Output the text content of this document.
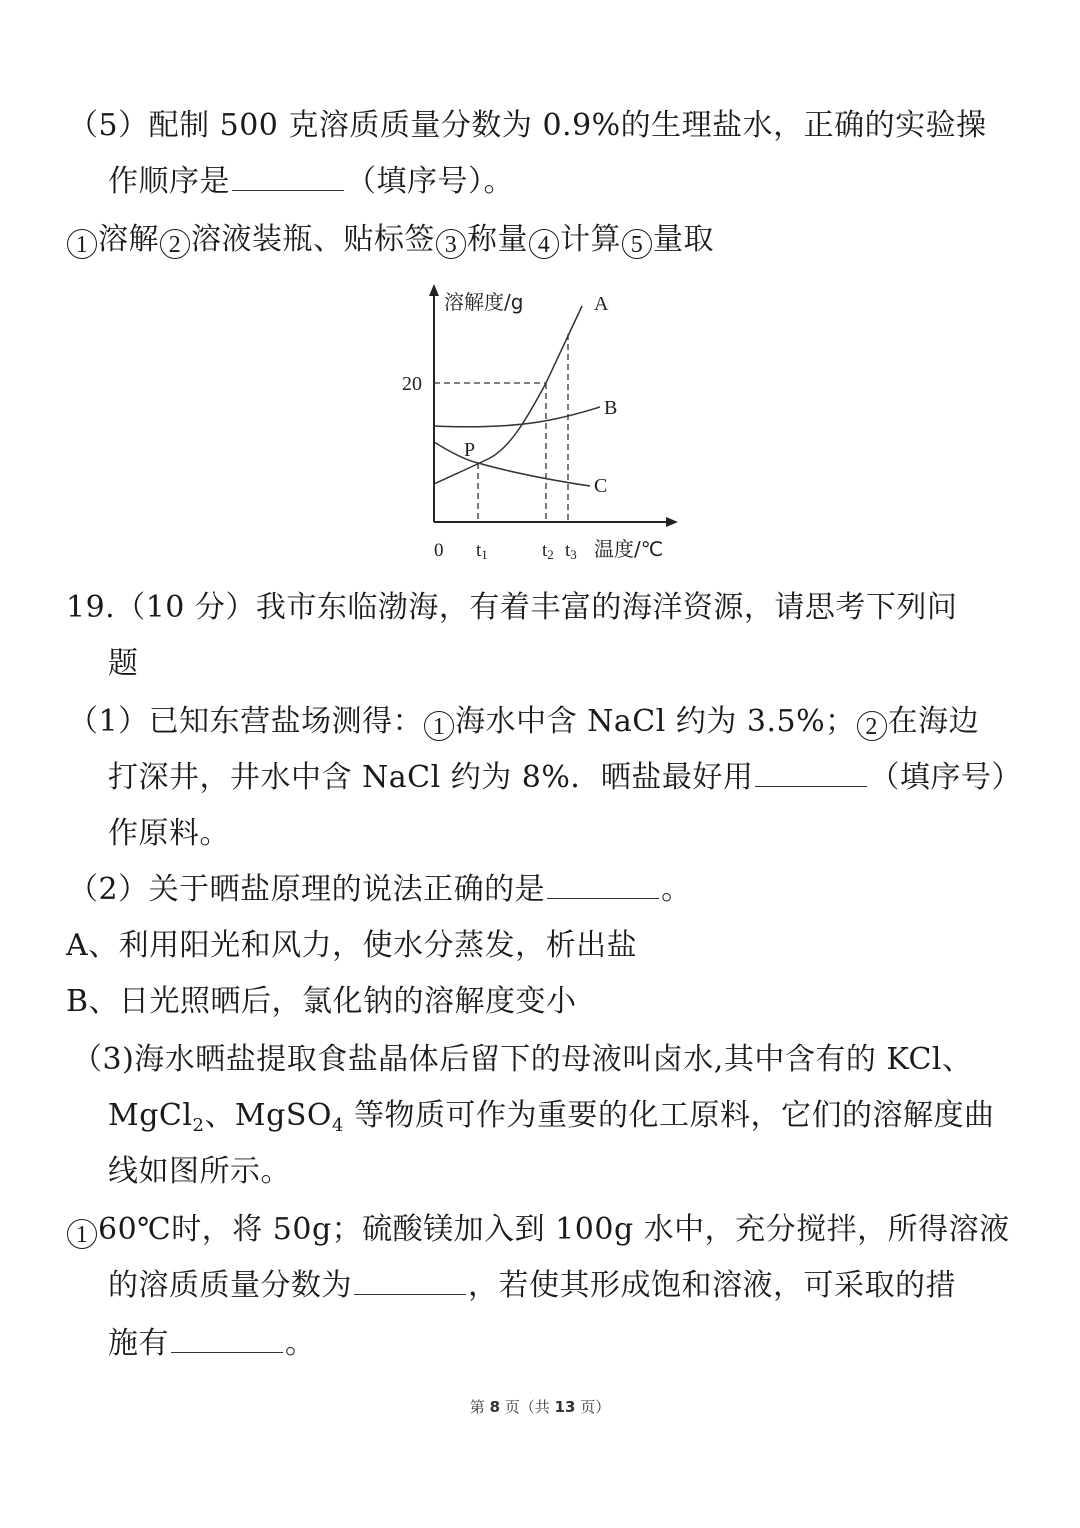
（5）配制 500 克溶质质量分数为 0.9%的生理盐水，正确的实验操
作顺序是	（填序号）。
1 溶解 2 溶液装瓶、贴标签 3 称量 4 计算 5 量取
溶解度/g
20
A
B
C
P
0 t1	t2 t3 温度/℃
19.（10 分）我市东临渤海，有着丰富的海洋资源，请思考下列问
题
（1）已知东营盐场测得： 1 海水中含 NaCl 约为 3.5%； 2 在海边
打深井，井水中含 NaCl 约为 8%．晒盐最好用	（填序号）
作原料。
（2）关于晒盐原理的说法正确的是	。
A、利用阳光和风力，使水分蒸发，析出盐
B、日光照晒后，氯化钠的溶解度变小
（3)海水晒盐提取食盐晶体后留下的母液叫卤水,其中含有的 KCl、
MgCl$_2$、MgSO$_4$ 等物质可作为重要的化工原料，它们的溶解度曲
线如图所示。
1 60℃时，将 50g；硫酸镁加入到 100g 水中，充分搅拌，所得溶液
的溶质质量分数为	，若使其形成饱和溶液，可采取的措
施有	。
第 8 页（共 13 页）
